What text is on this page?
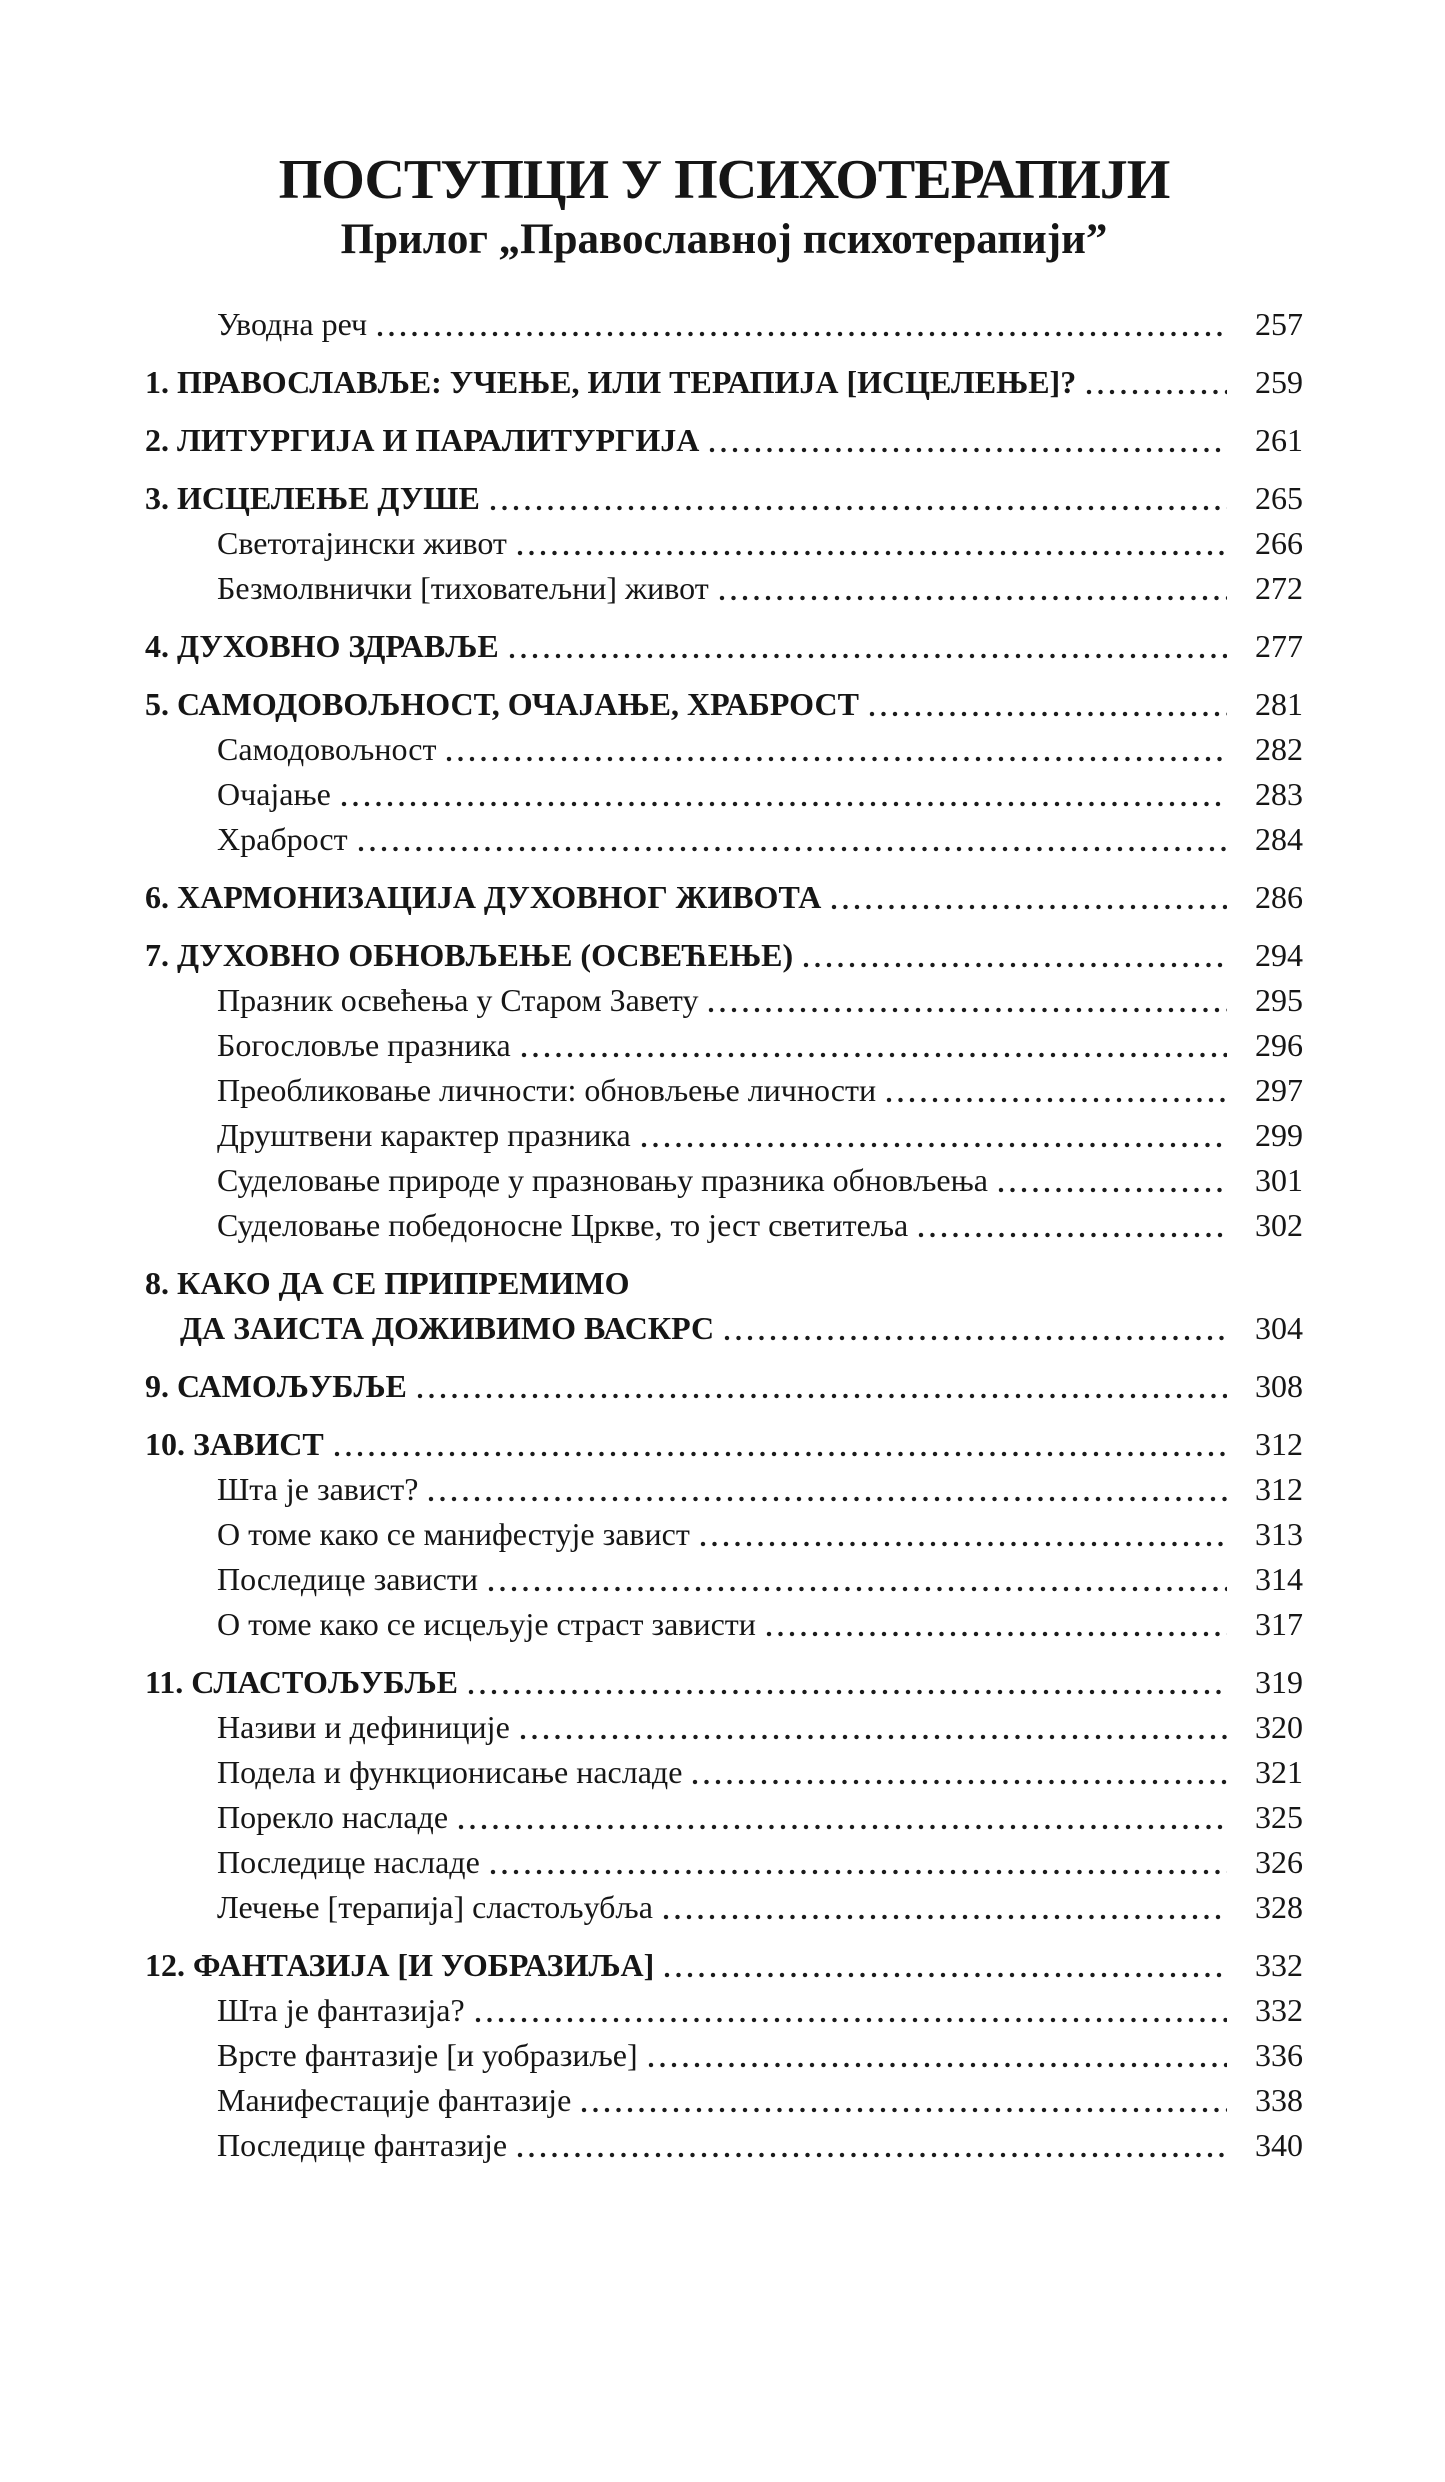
ПОСТУПЦИ У ПСИХОТЕРАПИЈИ
Прилог „Православној психотерапији”
Уводна реч	257
1. ПРАВОСЛАВЉЕ: УЧЕЊЕ, ИЛИ ТЕРАПИЈА [ИСЦЕЛЕЊЕ]?	259
2. ЛИТУРГИЈА И ПАРАЛИТУРГИЈА	261
3. ИСЦЕЛЕЊЕ ДУШЕ	265
Светотајински живот	266
Безмолвнички [тиховатељни] живот	272
4. ДУХОВНО ЗДРАВЉЕ	277
5. САМОДОВОЉНОСТ, ОЧАЈАЊЕ, ХРАБРОСТ	281
Самодовољност	282
Очајање	283
Храброст	284
6. ХАРМОНИЗАЦИЈА ДУХОВНОГ ЖИВОТА	286
7. ДУХОВНО ОБНОВЉЕЊЕ (ОСВЕЋЕЊЕ)	294
Празник освећења у Старом Завету	295
Богословље празника	296
Преобликовање личности: обновљење личности	297
Друштвени карактер празника	299
Суделовање природе у празновању празника обновљења	301
Суделовање победоносне Цркве, то јест светитеља	302
8. КАКО ДА СЕ ПРИПРЕМИМО
ДА ЗАИСТА ДОЖИВИМО ВАСКРС	304
9. САМОЉУБЉЕ	308
10. ЗАВИСТ	312
Шта је завист?	312
О томе како се манифестује завист	313
Последице зависти	314
О томе како се исцељује страст зависти	317
11. СЛАСТОЉУБЉЕ	319
Називи и дефиниције	320
Подела и функционисање насладе	321
Порекло насладе	325
Последице насладе	326
Лечење [терапија] сластољубља	328
12. ФАНТАЗИЈА [И УОБРАЗИЉА]	332
Шта је фантазија?	332
Врсте фантазије [и уобразиље]	336
Манифестације фантазије	338
Последице фантазије	340
